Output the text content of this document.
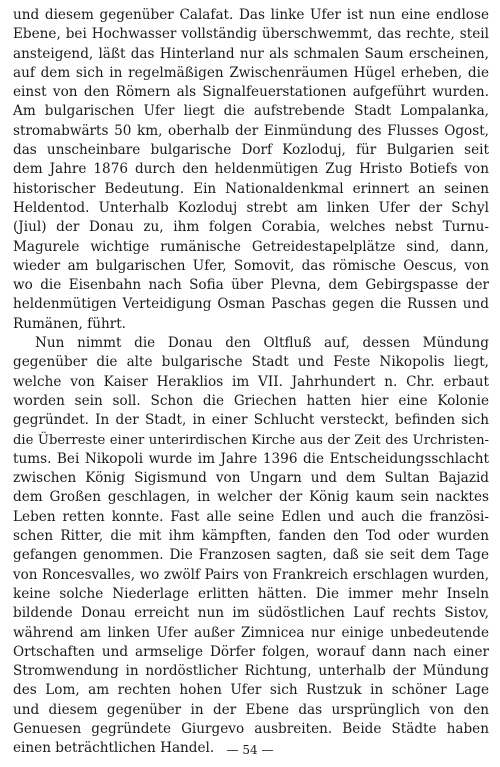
und diesem gegenüber Calafat. Das linke Ufer ist nun eine endlose
Ebene, bei Hochwasser vollständig überschwemmt, das rechte, steil
ansteigend, läßt das Hinterland nur als schmalen Saum erscheinen,
auf dem sich in regelmäßigen Zwischenräumen Hügel erheben, die
einst von den Römern als Signalfeuerstationen aufgeführt wurden.
Am bulgarischen Ufer liegt die aufstrebende Stadt Lompalanka,
stromabwärts 50 km, oberhalb der Einmündung des Flusses Ogost,
das unscheinbare bulgarische Dorf Kozloduj, für Bulgarien seit
dem Jahre 1876 durch den heldenmütigen Zug Hristo Botiefs von
historischer Bedeutung. Ein Nationaldenkmal erinnert an seinen
Heldentod. Unterhalb Kozloduj strebt am linken Ufer der Schyl
(Jiul) der Donau zu, ihm folgen Corabia, welches nebst Turnu-
Magurele wichtige rumänische Getreidestapelplätze sind, dann,
wieder am bulgarischen Ufer, Somovit, das römische Oescus, von
wo die Eisenbahn nach Sofia über Plevna, dem Gebirgspasse der
heldenmütigen Verteidigung Osman Paschas gegen die Russen und
Rumänen, führt.
Nun nimmt die Donau den Oltfluß auf, dessen Mündung
gegenüber die alte bulgarische Stadt und Feste Nikopolis liegt,
welche von Kaiser Heraklios im VII. Jahrhundert n. Chr. erbaut
worden sein soll. Schon die Griechen hatten hier eine Kolonie
gegründet. In der Stadt, in einer Schlucht versteckt, befinden sich
die Überreste einer unterirdischen Kirche aus der Zeit des Urchristen-
tums. Bei Nikopoli wurde im Jahre 1396 die Entscheidungsschlacht
zwischen König Sigismund von Ungarn und dem Sultan Bajazid
dem Großen geschlagen, in welcher der König kaum sein nacktes
Leben retten konnte. Fast alle seine Edlen und auch die französi-
schen Ritter, die mit ihm kämpften, fanden den Tod oder wurden
gefangen genommen. Die Franzosen sagten, daß sie seit dem Tage
von Roncesvalles, wo zwölf Pairs von Frankreich erschlagen wurden,
keine solche Niederlage erlitten hätten. Die immer mehr Inseln
bildende Donau erreicht nun im südöstlichen Lauf rechts Sistov,
während am linken Ufer außer Zimnicea nur einige unbedeutende
Ortschaften und armselige Dörfer folgen, worauf dann nach einer
Stromwendung in nordöstlicher Richtung, unterhalb der Mündung
des Lom, am rechten hohen Ufer sich Rustzuk in schöner Lage
und diesem gegenüber in der Ebene das ursprünglich von den
Genuesen gegründete Giurgevo ausbreiten. Beide Städte haben
einen beträchtlichen Handel.	— 54 —
